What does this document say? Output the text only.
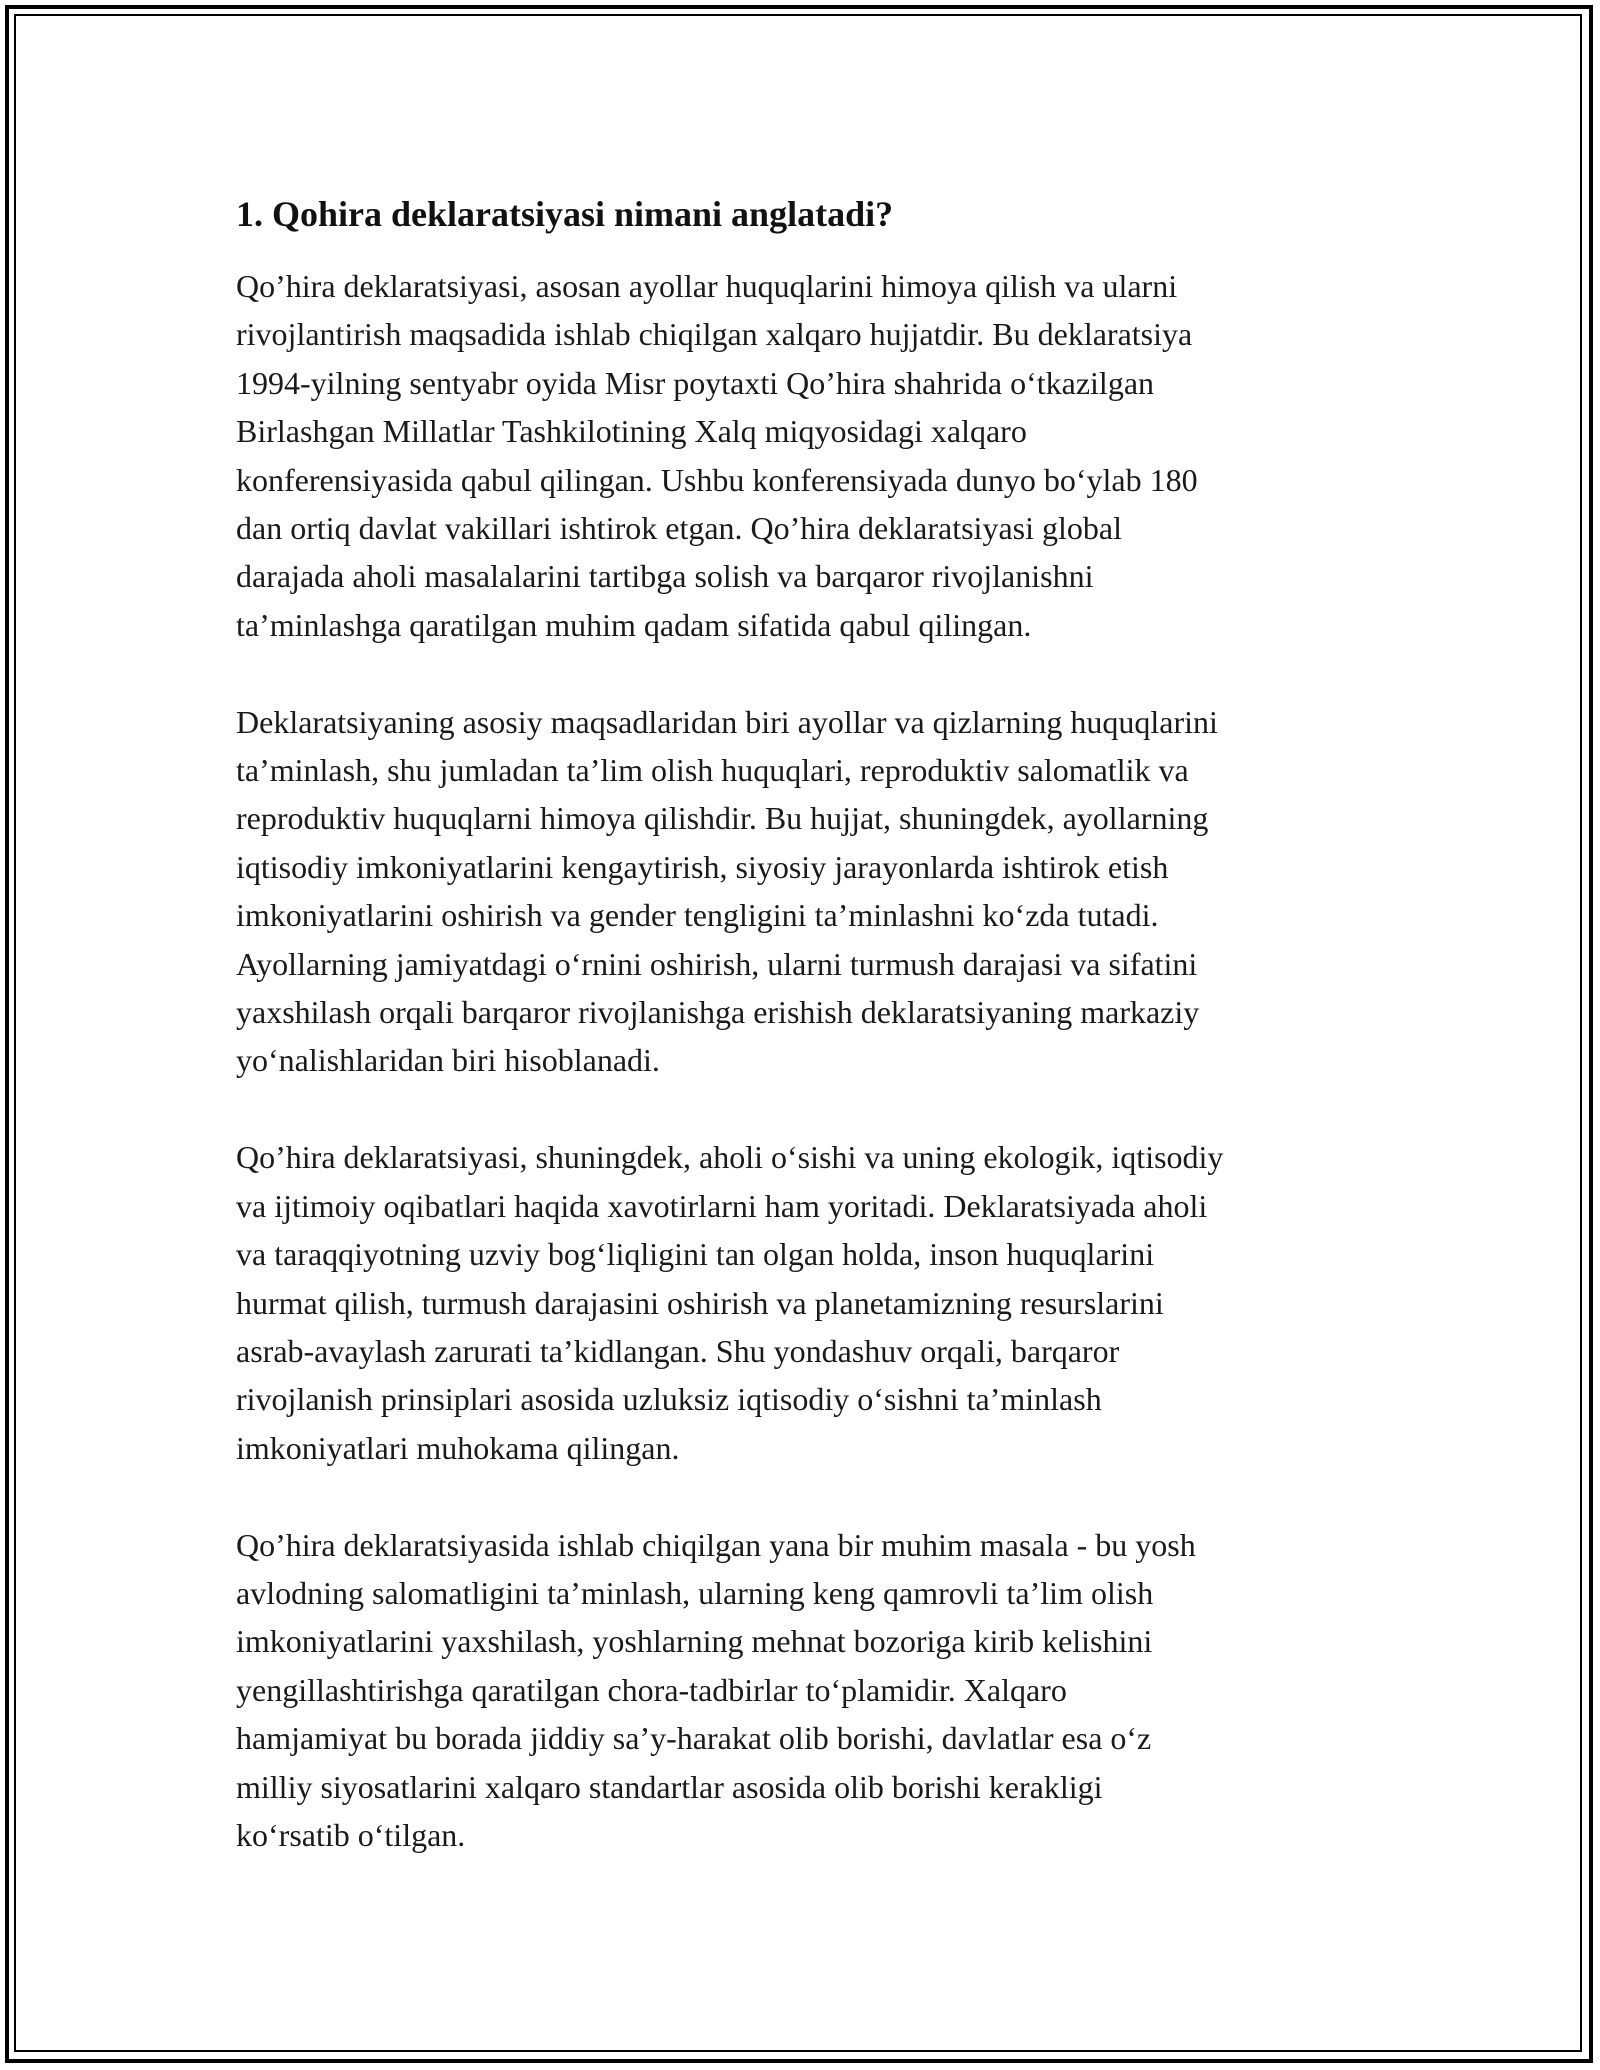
1. Qohira deklaratsiyasi nimani anglatadi?

Qo’hira deklaratsiyasi, asosan ayollar huquqlarini himoya qilish va ularni
rivojlantirish maqsadida ishlab chiqilgan xalqaro hujjatdir. Bu deklaratsiya
1994-yilning sentyabr oyida Misr poytaxti Qo’hira shahrida o‘tkazilgan
Birlashgan Millatlar Tashkilotining Xalq miqyosidagi xalqaro
konferensiyasida qabul qilingan. Ushbu konferensiyada dunyo bo‘ylab 180
dan ortiq davlat vakillari ishtirok etgan. Qo’hira deklaratsiyasi global
darajada aholi masalalarini tartibga solish va barqaror rivojlanishni
ta’minlashga qaratilgan muhim qadam sifatida qabul qilingan.

Deklaratsiyaning asosiy maqsadlaridan biri ayollar va qizlarning huquqlarini
ta’minlash, shu jumladan ta’lim olish huquqlari, reproduktiv salomatlik va
reproduktiv huquqlarni himoya qilishdir. Bu hujjat, shuningdek, ayollarning
iqtisodiy imkoniyatlarini kengaytirish, siyosiy jarayonlarda ishtirok etish
imkoniyatlarini oshirish va gender tengligini ta’minlashni ko‘zda tutadi.
Ayollarning jamiyatdagi o‘rnini oshirish, ularni turmush darajasi va sifatini
yaxshilash orqali barqaror rivojlanishga erishish deklaratsiyaning markaziy
yo‘nalishlaridan biri hisoblanadi.

Qo’hira deklaratsiyasi, shuningdek, aholi o‘sishi va uning ekologik, iqtisodiy
va ijtimoiy oqibatlari haqida xavotirlarni ham yoritadi. Deklaratsiyada aholi
va taraqqiyotning uzviy bog‘liqligini tan olgan holda, inson huquqlarini
hurmat qilish, turmush darajasini oshirish va planetamizning resurslarini
asrab-avaylash zarurati ta’kidlangan. Shu yondashuv orqali, barqaror
rivojlanish prinsiplari asosida uzluksiz iqtisodiy o‘sishni ta’minlash
imkoniyatlari muhokama qilingan.

Qo’hira deklaratsiyasida ishlab chiqilgan yana bir muhim masala - bu yosh
avlodning salomatligini ta’minlash, ularning keng qamrovli ta’lim olish
imkoniyatlarini yaxshilash, yoshlarning mehnat bozoriga kirib kelishini
yengillashtirishga qaratilgan chora-tadbirlar to‘plamidir. Xalqaro
hamjamiyat bu borada jiddiy sa’y-harakat olib borishi, davlatlar esa o‘z
milliy siyosatlarini xalqaro standartlar asosida olib borishi kerakligi
ko‘rsatib o‘tilgan.
